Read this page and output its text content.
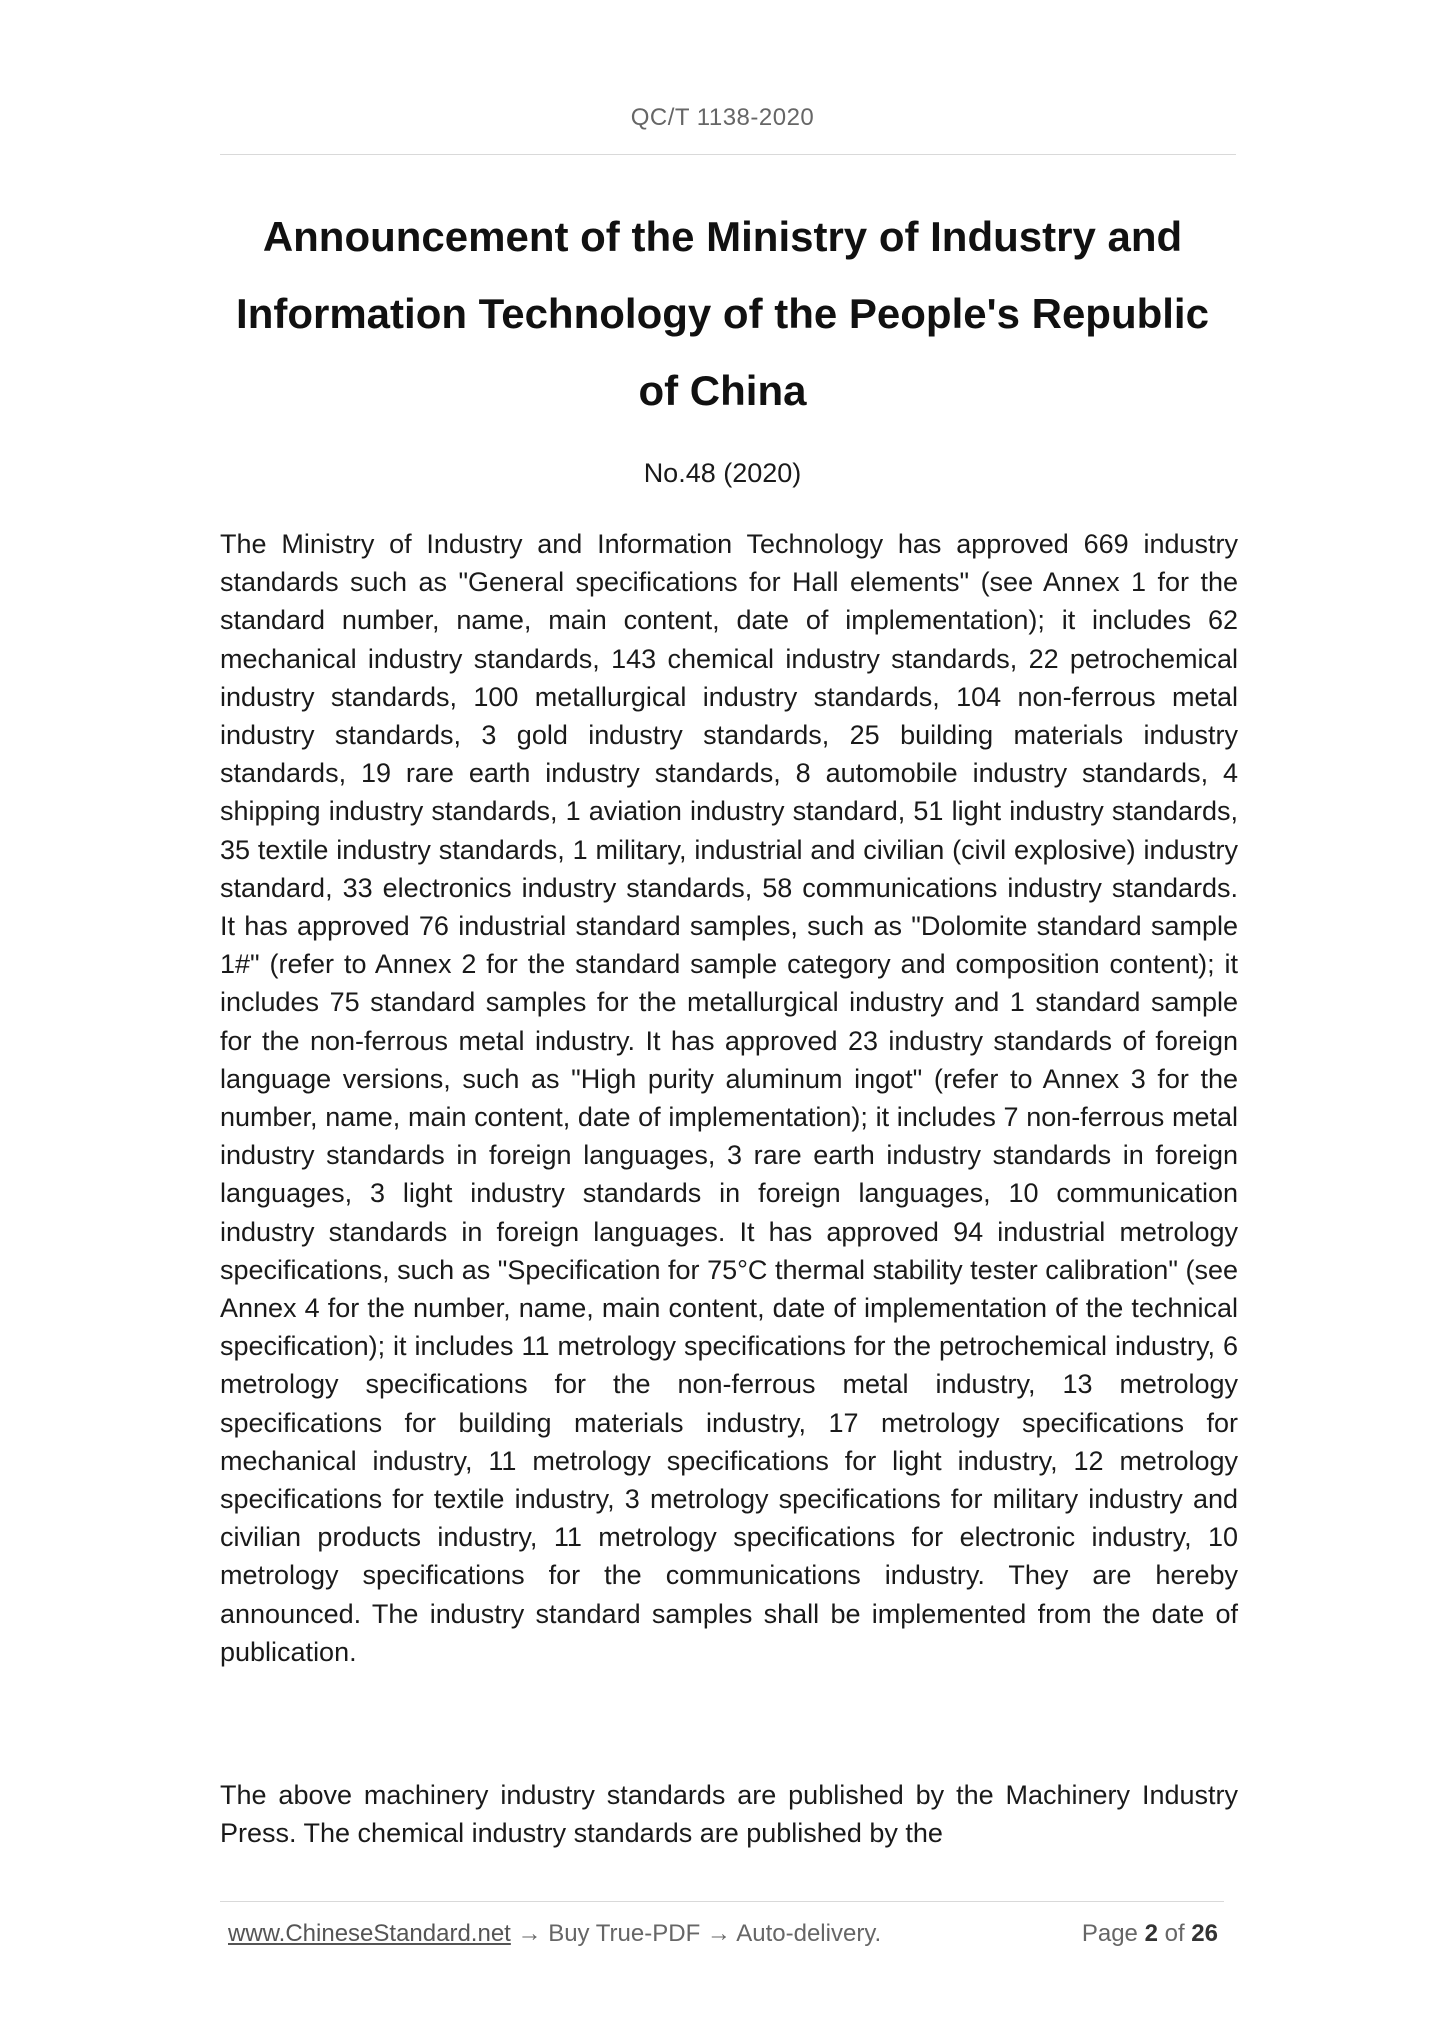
QC/T 1138-2020
Announcement of the Ministry of Industry and
Information Technology of the People's Republic
of China
No.48 (2020)

The Ministry of Industry and Information Technology has approved 669 industry standards such as "General specifications for Hall elements" (see Annex 1 for the standard number, name, main content, date of implementation); it includes 62 mechanical industry standards, 143 chemical industry standards, 22 petrochemical industry standards, 100 metallurgical industry standards, 104 non-ferrous metal industry standards, 3 gold industry standards, 25 building materials industry standards, 19 rare earth industry standards, 8 automobile industry standards, 4 shipping industry standards, 1 aviation industry standard, 51 light industry standards, 35 textile industry standards, 1 military, industrial and civilian (civil explosive) industry standard, 33 electronics industry standards, 58 communications industry standards. It has approved 76 industrial standard samples, such as "Dolomite standard sample 1#" (refer to Annex 2 for the standard sample category and composition content); it includes 75 standard samples for the metallurgical industry and 1 standard sample for the non-ferrous metal industry. It has approved 23 industry standards of foreign language versions, such as "High purity aluminum ingot" (refer to Annex 3 for the number, name, main content, date of implementation); it includes 7 non-ferrous metal industry standards in foreign languages, 3 rare earth industry standards in foreign languages, 3 light industry standards in foreign languages, 10 communication industry standards in foreign languages. It has approved 94 industrial metrology specifications, such as "Specification for 75°C thermal stability tester calibration" (see Annex 4 for the number, name, main content, date of implementation of the technical specification); it includes 11 metrology specifications for the petrochemical industry, 6 metrology specifications for the non-ferrous metal industry, 13 metrology specifications for building materials industry, 17 metrology specifications for mechanical industry, 11 metrology specifications for light industry, 12 metrology specifications for textile industry, 3 metrology specifications for military industry and civilian products industry, 11 metrology specifications for electronic industry, 10 metrology specifications for the communications industry. They are hereby announced. The industry standard samples shall be implemented from the date of publication.

The above machinery industry standards are published by the Machinery Industry Press. The chemical industry standards are published by the

www.ChineseStandard.net → Buy True-PDF → Auto-delivery.	Page 2 of 26
